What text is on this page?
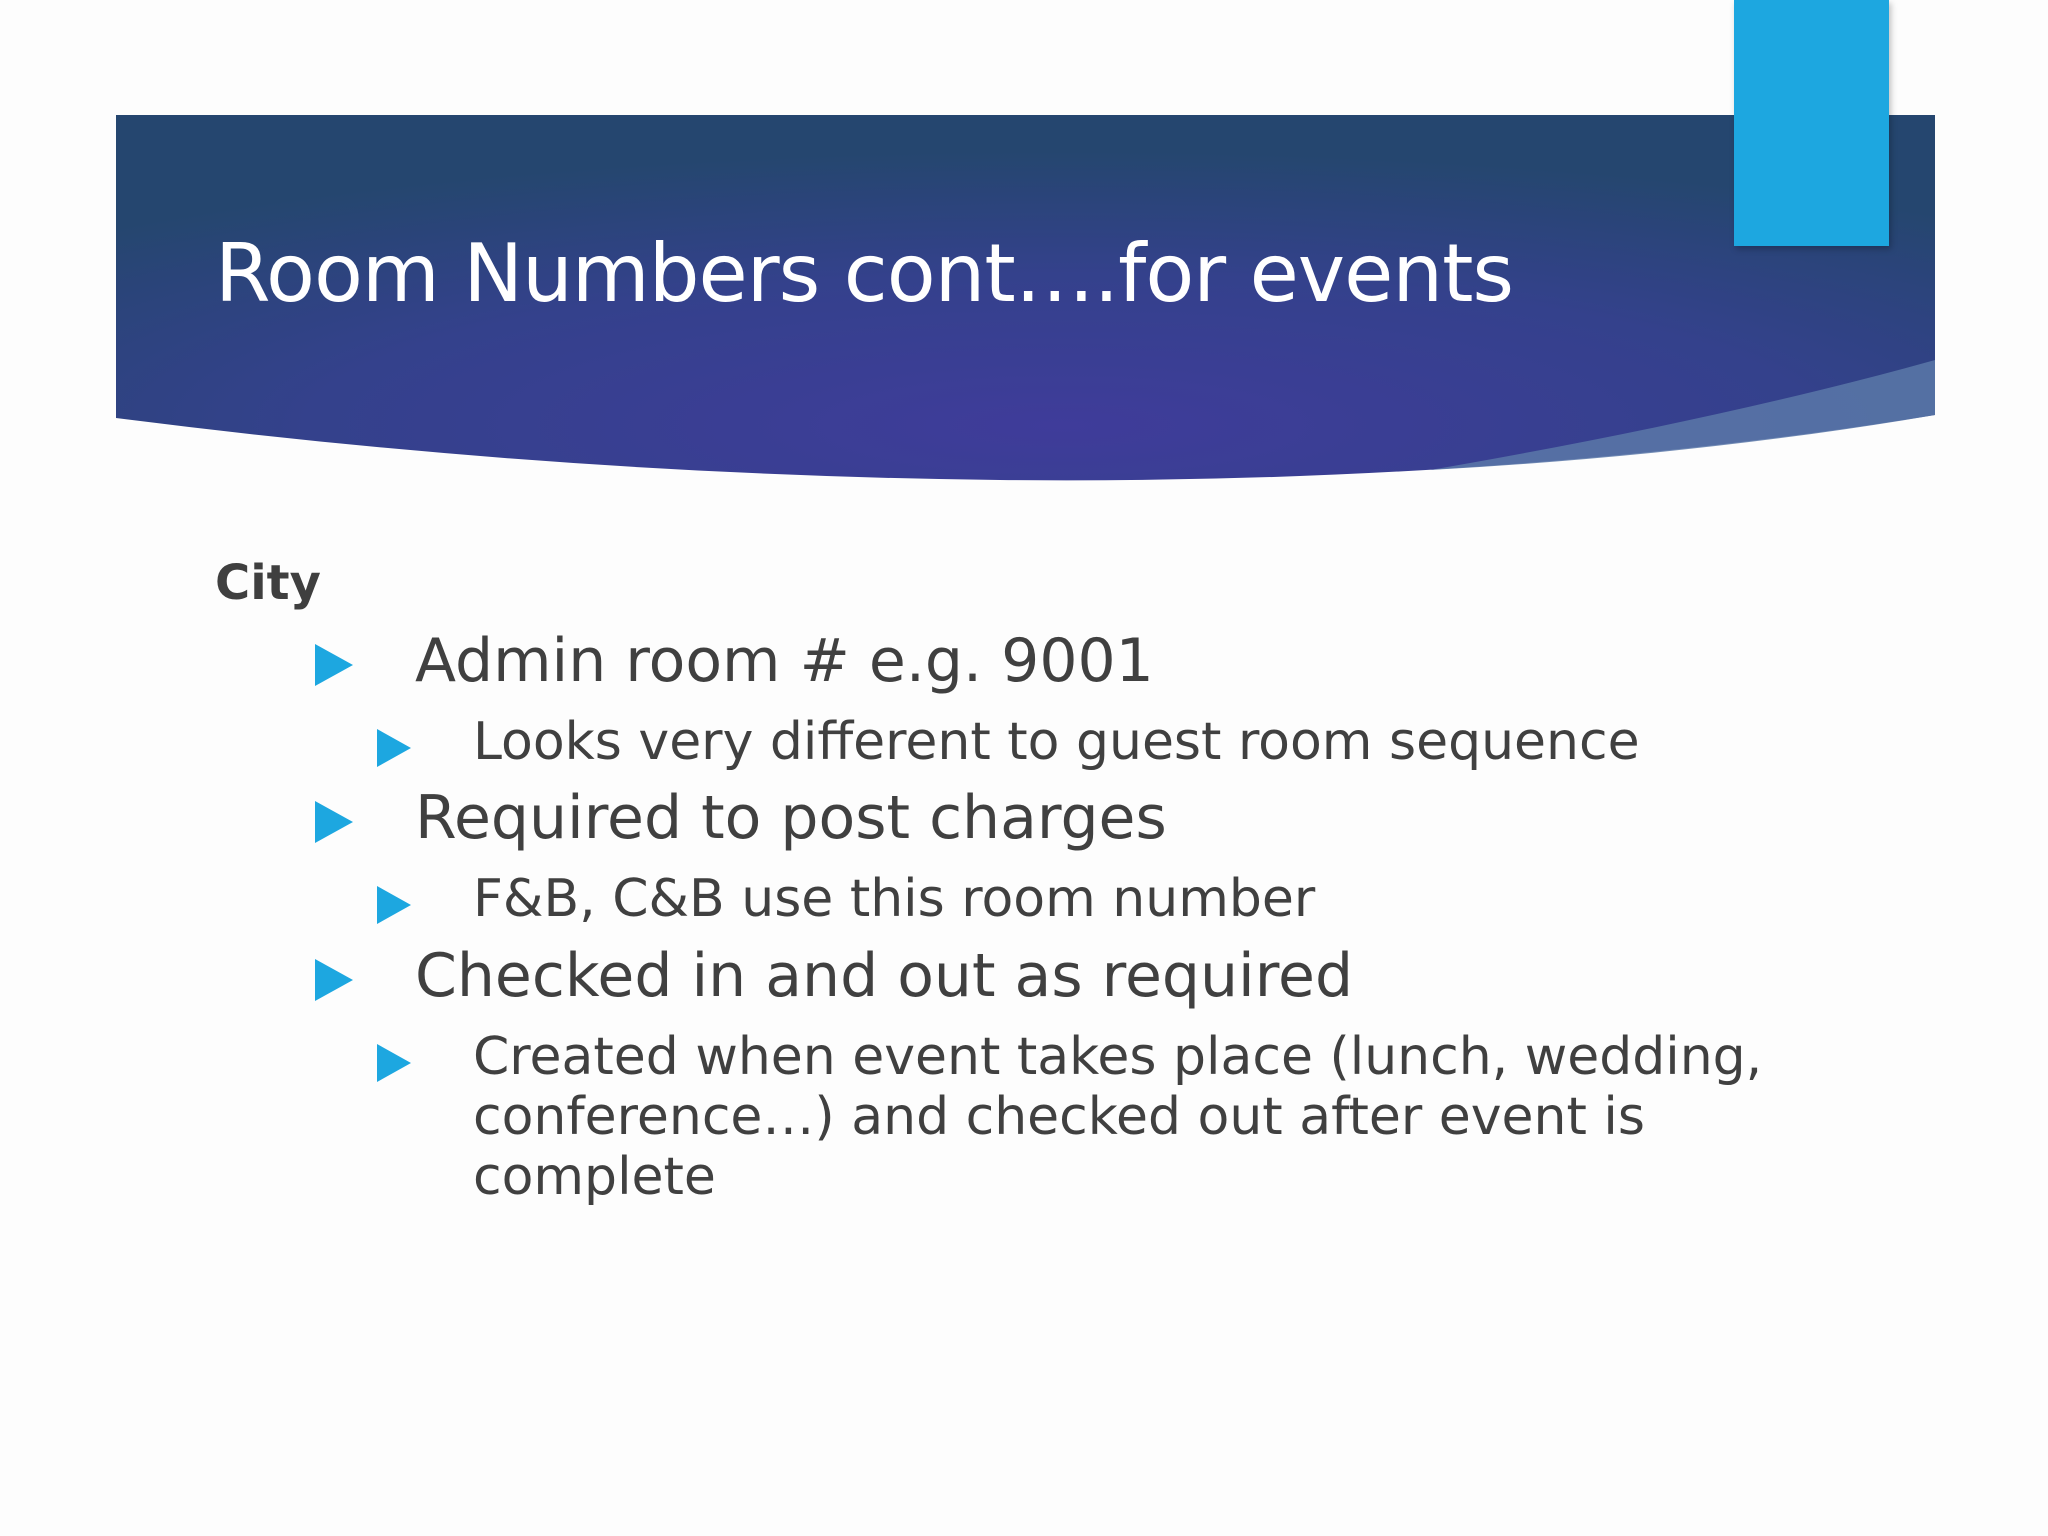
Room Numbers cont….for events
City
Admin room # e.g. 9001
Looks very different to guest room sequence
Required to post charges
F&B, C&B use this room number
Checked in and out as required
Created when event takes place (lunch, wedding, conference…) and checked out after event is complete
